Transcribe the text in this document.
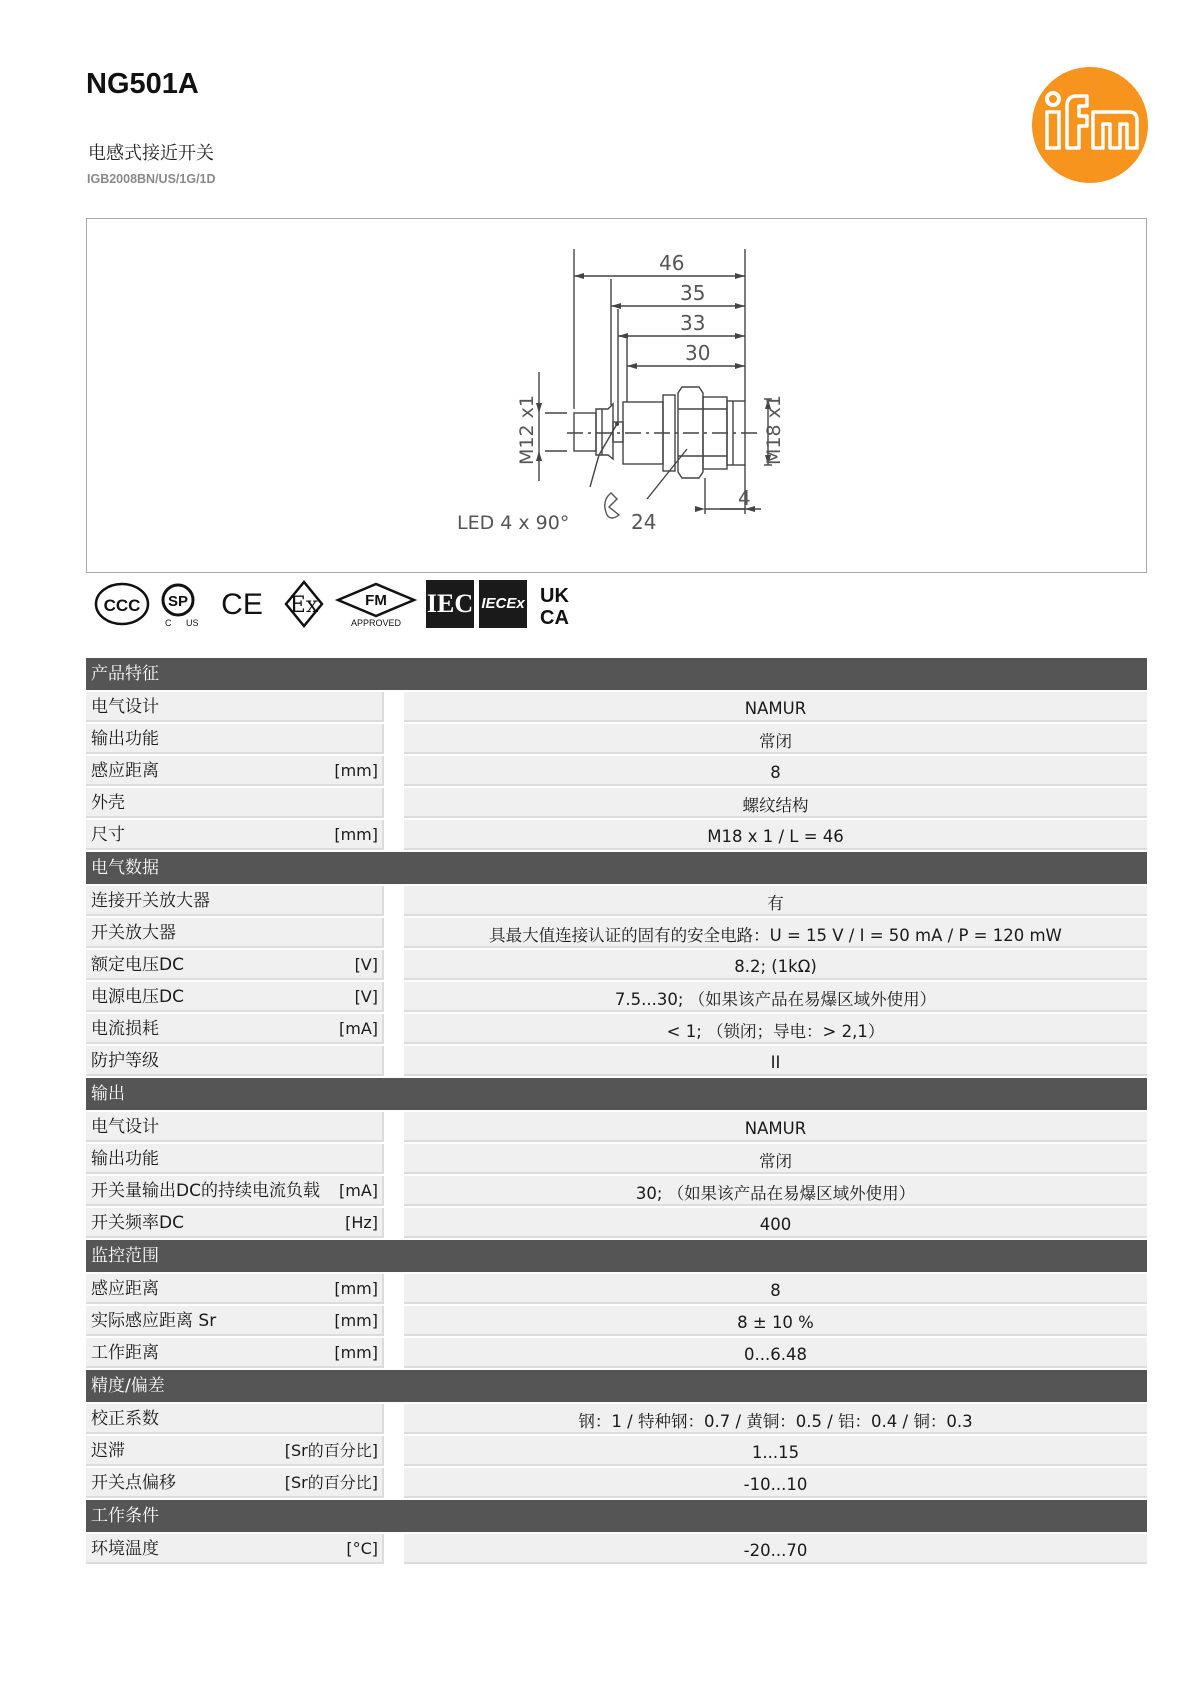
NG501A
电感式接近开关
IGB2008BN/US/1G/1D
46
35
33
30
4
24
LED 4 x 90°
M12 x1	M18 x1
CCC SP
C US
CE Ex	FM
APPROVED
IEC IECEx UK
CA
产品特征
电气设计	NAMUR
输出功能	常闭
感应距离	[mm]	8
外壳	螺纹结构
尺寸	[mm]	M18 x 1 / L = 46
电气数据
连接开关放大器	有
开关放大器	具最大值连接认证的固有的安全电路：U = 15 V / I = 50 mA / P = 120 mW
额定电压DC	[V]	8.2; (1kΩ)
电源电压DC	[V]	7.5...30; （如果该产品在易爆区域外使用）
电流损耗	[mA]	< 1; （锁闭；导电：> 2,1）
防护等级	II
输出
电气设计	NAMUR
输出功能	常闭
开关量输出DC的持续电流负载	[mA]	30; （如果该产品在易爆区域外使用）
开关频率DC	[Hz]	400
监控范围
感应距离	[mm]	8
实际感应距离 Sr	[mm]	8 ± 10 %
工作距离	[mm]	0...6.48
精度/偏差
校正系数	钢：1 / 特种钢：0.7 / 黄铜：0.5 / 铝：0.4 / 铜：0.3
迟滞	[Sr的百分比]	1...15
开关点偏移	[Sr的百分比]	-10...10
工作条件
环境温度	[°C]	-20...70
